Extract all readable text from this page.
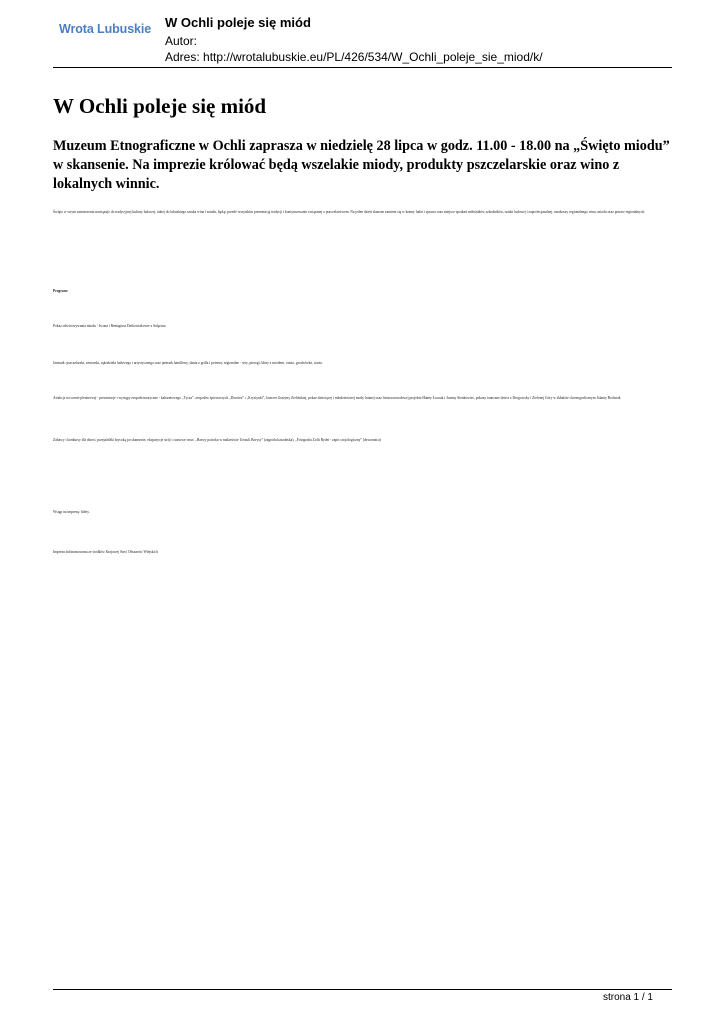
Wrota Lubuskie W Ochli poleje się miód
Autor:
Adres: http://wrotalubuskie.eu/PL/426/534/W_Ochli_poleje_sie_miod/k/
W Ochli poleje się miód

Muzeum Etnograficzne w Ochli zaprasza w niedzielę 28 lipca w godz. 11.00 - 18.00 na „Święto miodu” w skansenie. Na imprezie królować będą wszelakie miody, produkty pszczelarskie oraz wino z lokalnych winnic.

Święto w swym zamierzeniu nawiązuje do tradycyjnej kultury ludowej, takiej do lubuskiego sztuka wina i miodu, będąc przede wszystkim prezentacją tradycji i kontynuowanie związanej z pszczelarstwem. Na jeden dzień skansen zamieni się w kramy ludzi i sprawa oraz miejsce spotkań miłośników szkodników, sztuki ludowej i zaprofesjonalnej, smakoszy regionalnego wina, miodu oraz potraw regionalnych.

Program:

Pokaz odwirowywania miodu - Iwona i Remigiusz Dzikowiakowie z Sulęcina

Jarmark: pszczelarski, winiarski, rękodzieła ludowego i artystycznego oraz jarmark handlowy, dania z grilla i potrawy regionalne - sery, pierogi, bliny z miodem, ciasto, grochówka, ciasto.

Atrakcje na scenie plenerowej - prezentacje i występy zespołu muzyczne - kabaretowego „Tycza”, zespołów śpiewaczych „Dorotea” i „Krystynki”, koncert Grażyny Zielińskiej, pokaz dziecięcej i młodzieżowej mody lnianej oraz finiszu narodowej projektu Hanny Łuczak i Joanny Stenkowiec, pokazy taneczne dzieci z Drogowsky i Zielonej Góry w składzie choreograficznym Jolanty Bochnak

Zabawy i konkursy dla dzieci, przejażdżki bryczką po skansenie, ekspozycje strój i czasowe: mus: „Barwy potroku w malarstwie Urszuli Borysy” (zagroda kaszubska), „Fotografia Zofii Rydet - zapis socjologiczny” (dzwonnica)

Wstęp na imprezę: bilety.

Impreza dofinansowana ze środków Krajowej Sieci Obszarów Wiejskich

strona 1 / 1
